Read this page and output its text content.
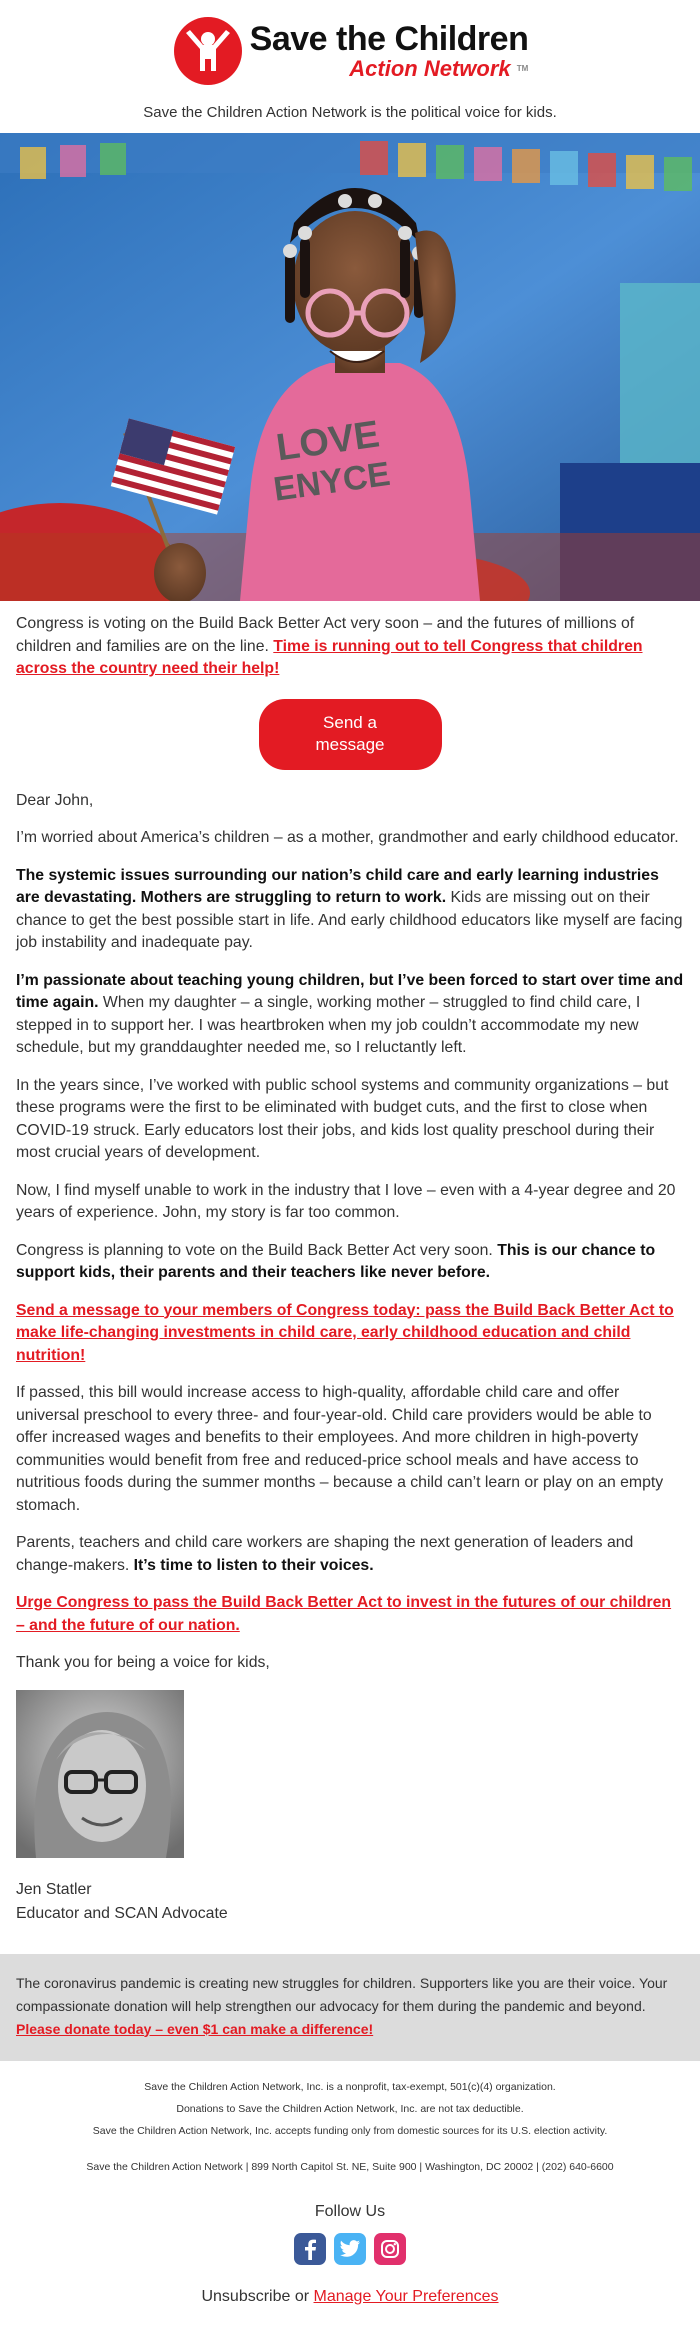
Save the Children
Action Network TM
Save the Children Action Network is the political voice for kids.
LOVE
ENYCE

Congress is voting on the Build Back Better Act very soon – and the futures of millions of children and families are on the line. Time is running out to tell Congress that children across the country need their help!

Send a message

Dear John,

I’m worried about America’s children – as a mother, grandmother and early childhood educator.

The systemic issues surrounding our nation’s child care and early learning industries are devastating. Mothers are struggling to return to work. Kids are missing out on their chance to get the best possible start in life. And early childhood educators like myself are facing job instability and inadequate pay.

I’m passionate about teaching young children, but I’ve been forced to start over time and time again. When my daughter – a single, working mother – struggled to find child care, I stepped in to support her. I was heartbroken when my job couldn’t accommodate my new schedule, but my granddaughter needed me, so I reluctantly left.

In the years since, I’ve worked with public school systems and community organizations – but these programs were the first to be eliminated with budget cuts, and the first to close when COVID-19 struck. Early educators lost their jobs, and kids lost quality preschool during their most crucial years of development.

Now, I find myself unable to work in the industry that I love – even with a 4-year degree and 20 years of experience. John, my story is far too common.

Congress is planning to vote on the Build Back Better Act very soon. This is our chance to support kids, their parents and their teachers like never before.

Send a message to your members of Congress today: pass the Build Back Better Act to make life-changing investments in child care, early childhood education and child nutrition!

If passed, this bill would increase access to high-quality, affordable child care and offer universal preschool to every three- and four-year-old. Child care providers would be able to offer increased wages and benefits to their employees. And more children in high-poverty communities would benefit from free and reduced-price school meals and have access to nutritious foods during the summer months – because a child can’t learn or play on an empty stomach.

Parents, teachers and child care workers are shaping the next generation of leaders and change-makers. It’s time to listen to their voices.

Urge Congress to pass the Build Back Better Act to invest in the futures of our children – and the future of our nation.

Thank you for being a voice for kids,

Jen Statler
Educator and SCAN Advocate
The coronavirus pandemic is creating new struggles for children. Supporters like you are their voice. Your compassionate donation will help strengthen our advocacy for them during the pandemic and beyond.
Please donate today – even $1 can make a difference!

Save the Children Action Network, Inc. is a nonprofit, tax-exempt, 501(c)(4) organization.

Donations to Save the Children Action Network, Inc. are not tax deductible.

Save the Children Action Network, Inc. accepts funding only from domestic sources for its U.S. election activity.

Save the Children Action Network | 899 North Capitol St. NE, Suite 900 | Washington, DC 20002 | (202) 640-6600

Follow Us
Unsubscribe or Manage Your Preferences
